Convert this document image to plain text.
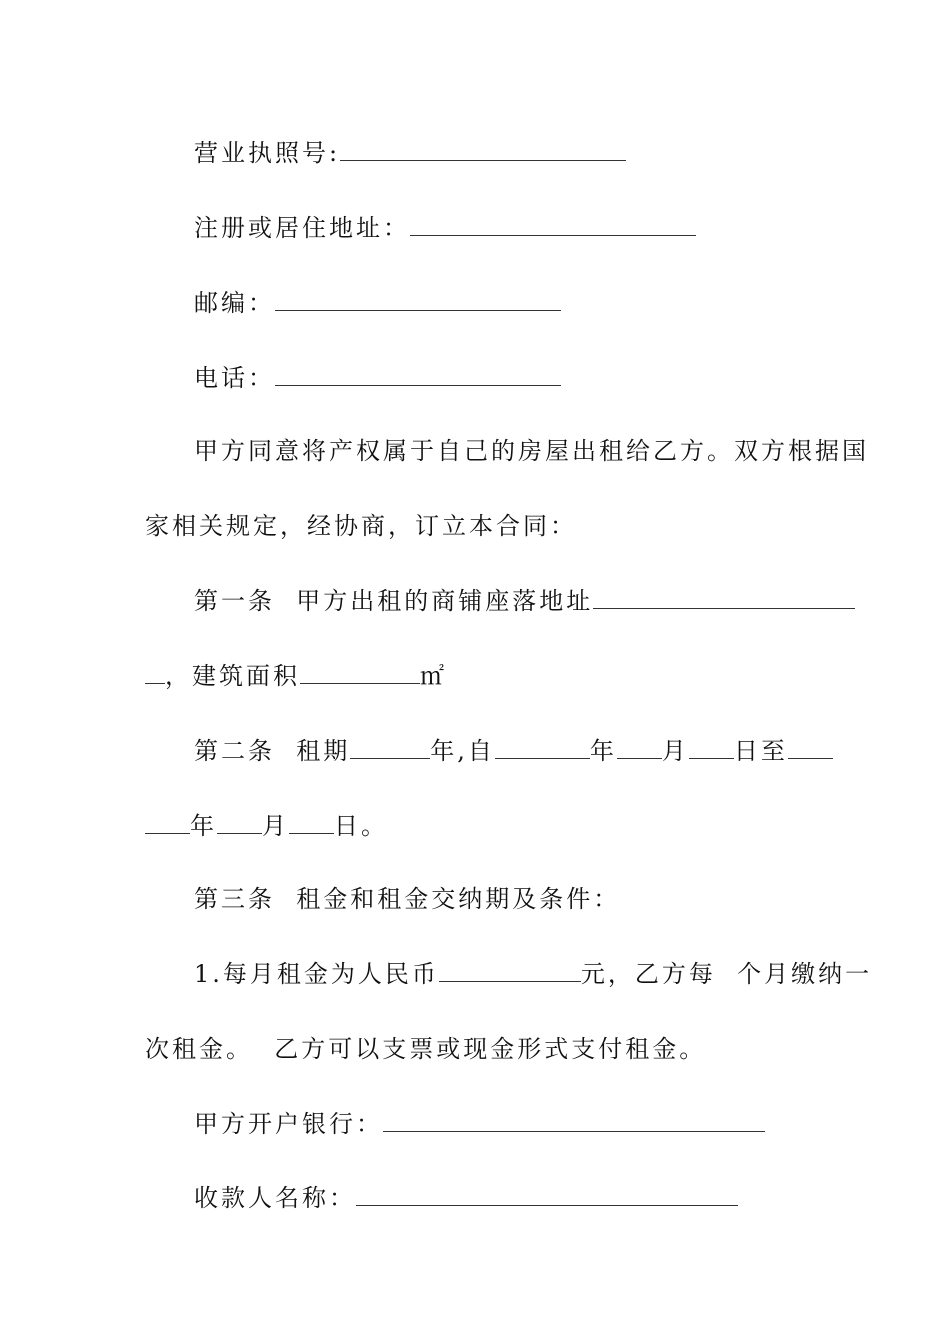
营业执照号:
注册或居住地址：
邮编：
电话：
甲方同意将产权属于自己的房屋出租给乙方。双方根据国
家相关规定，经协商，订立本合同：
第一条  甲方出租的商铺座落地址
，建筑面积	㎡
第二条  租期	年,自	年 月 日至
年 月 日。
第三条  租金和租金交纳期及条件：
1.每月租金为人民币	元，乙方每  个月缴纳一
次租金。  乙方可以支票或现金形式支付租金。
甲方开户银行：
收款人名称：
